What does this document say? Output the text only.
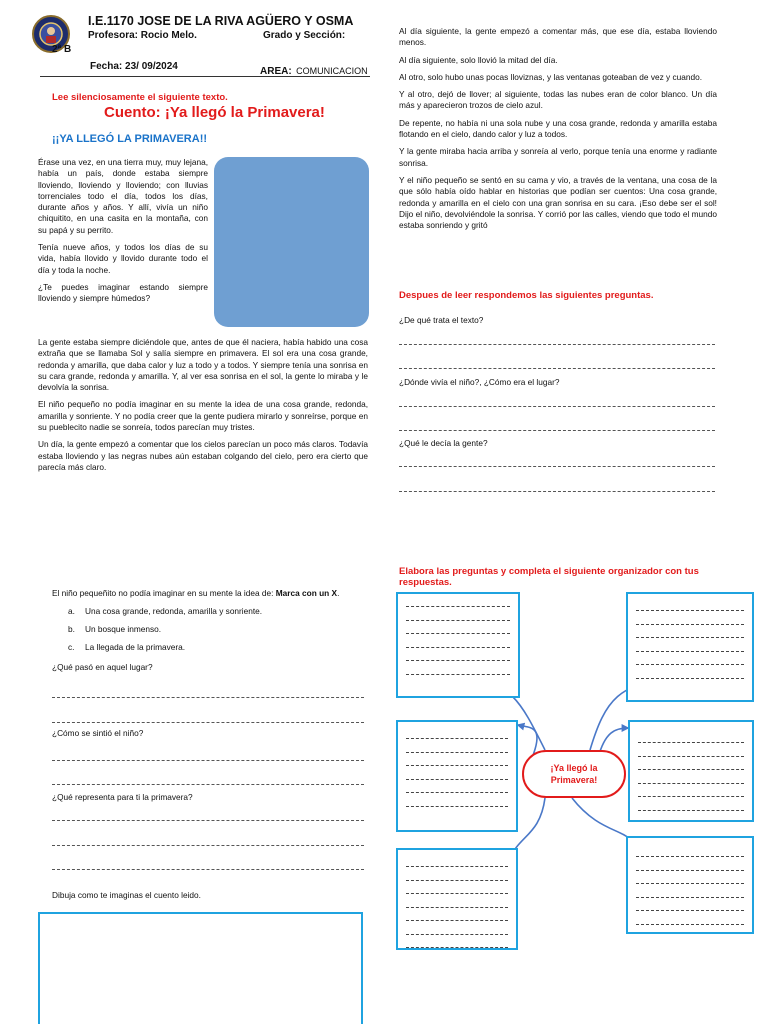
I.E.1170 JOSE DE LA RIVA AGÜERO Y OSMA
Profesora: Rocio Melo.	Grado y Sección:
2ª B
Fecha: 23/ 09/2024	AREA: COMUNICACION
Lee silenciosamente el siguiente texto.
Cuento: ¡Ya llegó la Primavera!
¡¡YA LLEGÓ LA PRIMAVERA!!

Érase una vez, en una tierra muy, muy lejana, había un país, donde estaba siempre lloviendo, lloviendo y lloviendo; con lluvias torrenciales todo el día, todos los días, durante años y años. Y allí, vivía un niño chiquitito, en una casita en la montaña, con su papá y su perrito.

Tenía nueve años, y todos los días de su vida, había llovido y llovido durante todo el día y toda la noche.

¿Te puedes imaginar estando siempre lloviendo y siempre húmedos?

La gente estaba siempre diciéndole que, antes de que él naciera, había habido una cosa extraña que se llamaba Sol y salía siempre en primavera. El sol era una cosa grande, redonda y amarilla, que daba calor y luz a todo y a todos. Y siempre tenía una sonrisa en su cara grande, redonda y amarilla. Y, al ver esa sonrisa en el sol, la gente lo miraba y le devolvía la sonrisa.

El niño pequeño no podía imaginar en su mente la idea de una cosa grande, redonda, amarilla y sonriente. Y no podía creer que la gente pudiera mirarlo y sonreírse, porque en su pueblecito nadie se sonreía, todos parecían muy tristes.

Un día, la gente empezó a comentar que los cielos parecían un poco más claros. Todavía estaba lloviendo y las negras nubes aún estaban colgando del cielo, pero era cierto que parecía más claro.

Al día siguiente, la gente empezó a comentar más, que ese día, estaba lloviendo menos.

Al día siguiente, solo llovió la mitad del día.

Al otro, solo hubo unas pocas lloviznas, y las ventanas goteaban de vez y cuando.

Y al otro, dejó de llover; al siguiente, todas las nubes eran de color blanco. Un día más y aparecieron trozos de cielo azul.

De repente, no había ni una sola nube y una cosa grande, redonda y amarilla estaba flotando en el cielo, dando calor y luz a todos.

Y la gente miraba hacia arriba y sonreía al verlo, porque tenía una enorme y radiante sonrisa.

Y el niño pequeño se sentó en su cama y vio, a través de la ventana, una cosa de la que sólo había oído hablar en historias que podían ser cuentos: Una cosa grande, redonda y amarilla en el cielo con una gran sonrisa en su cara. ¡Eso debe ser el sol! Dijo el niño, devolviéndole la sonrisa. Y corrió por las calles, viendo que todo el mundo estaba sonriendo y gritó

Despues de leer respondemos las siguientes preguntas.
¿De qué trata el texto?
¿Dónde vivía el niño?, ¿Cómo era el lugar?
¿Qué le decía la gente?
El niño pequeñito no podía imaginar en su mente la idea de: Marca con un X.
a. Una cosa grande, redonda, amarilla y sonriente.
b. Un bosque inmenso.
c. La llegada de la primavera.
¿Qué pasó en aquel lugar?
¿Cómo se sintió el niño?
¿Qué representa para ti la primavera?
Dibuja como te imaginas el cuento leido.
Elabora las preguntas y completa el siguiente organizador con tus respuestas.
¡Ya llegó la Primavera!
